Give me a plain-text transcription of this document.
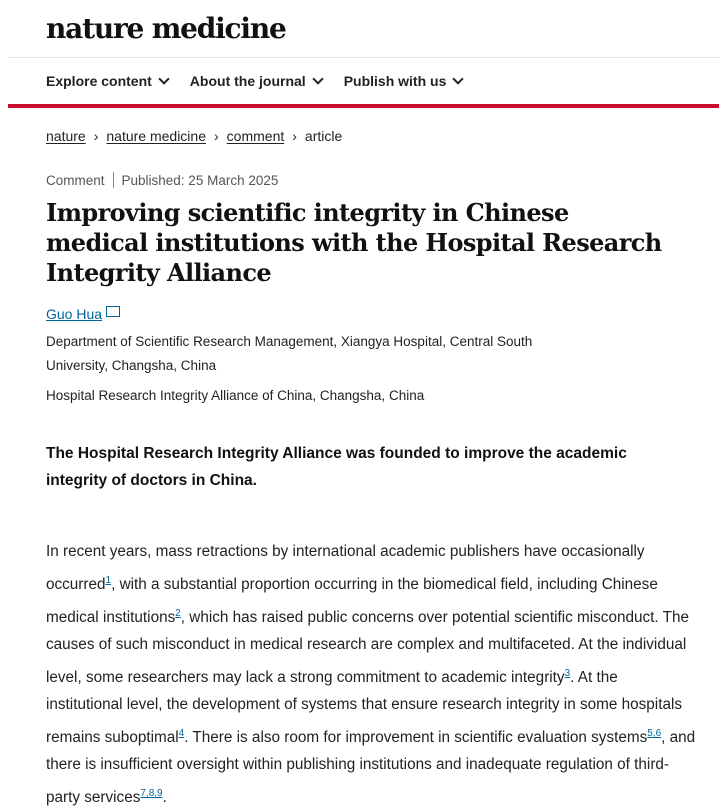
nature medicine
Explore content	About the journal	Publish with us
nature › nature medicine › comment › article
Comment Published: 25 March 2025
Improving scientific integrity in Chinese medical institutions with the Hospital Research Integrity Alliance
Guo Hua
Department of Scientific Research Management, Xiangya Hospital, Central South University, Changsha, China
Hospital Research Integrity Alliance of China, Changsha, China
The Hospital Research Integrity Alliance was founded to improve the academic integrity of doctors in China.
In recent years, mass retractions by international academic publishers have occasionally occurred$^1$, with a substantial proportion occurring in the biomedical field, including Chinese medical institutions$^2$, which has raised public concerns over potential scientific misconduct. The causes of such misconduct in medical research are complex and multifaceted. At the individual level, some researchers may lack a strong commitment to academic integrity$^3$. At the institutional level, the development of systems that ensure research integrity in some hospitals remains suboptimal$^4$. There is also room for improvement in scientific evaluation systems$^{5,6}$, and there is insufficient oversight within publishing institutions and inadequate regulation of third-party services$^{7,8,9}$.
